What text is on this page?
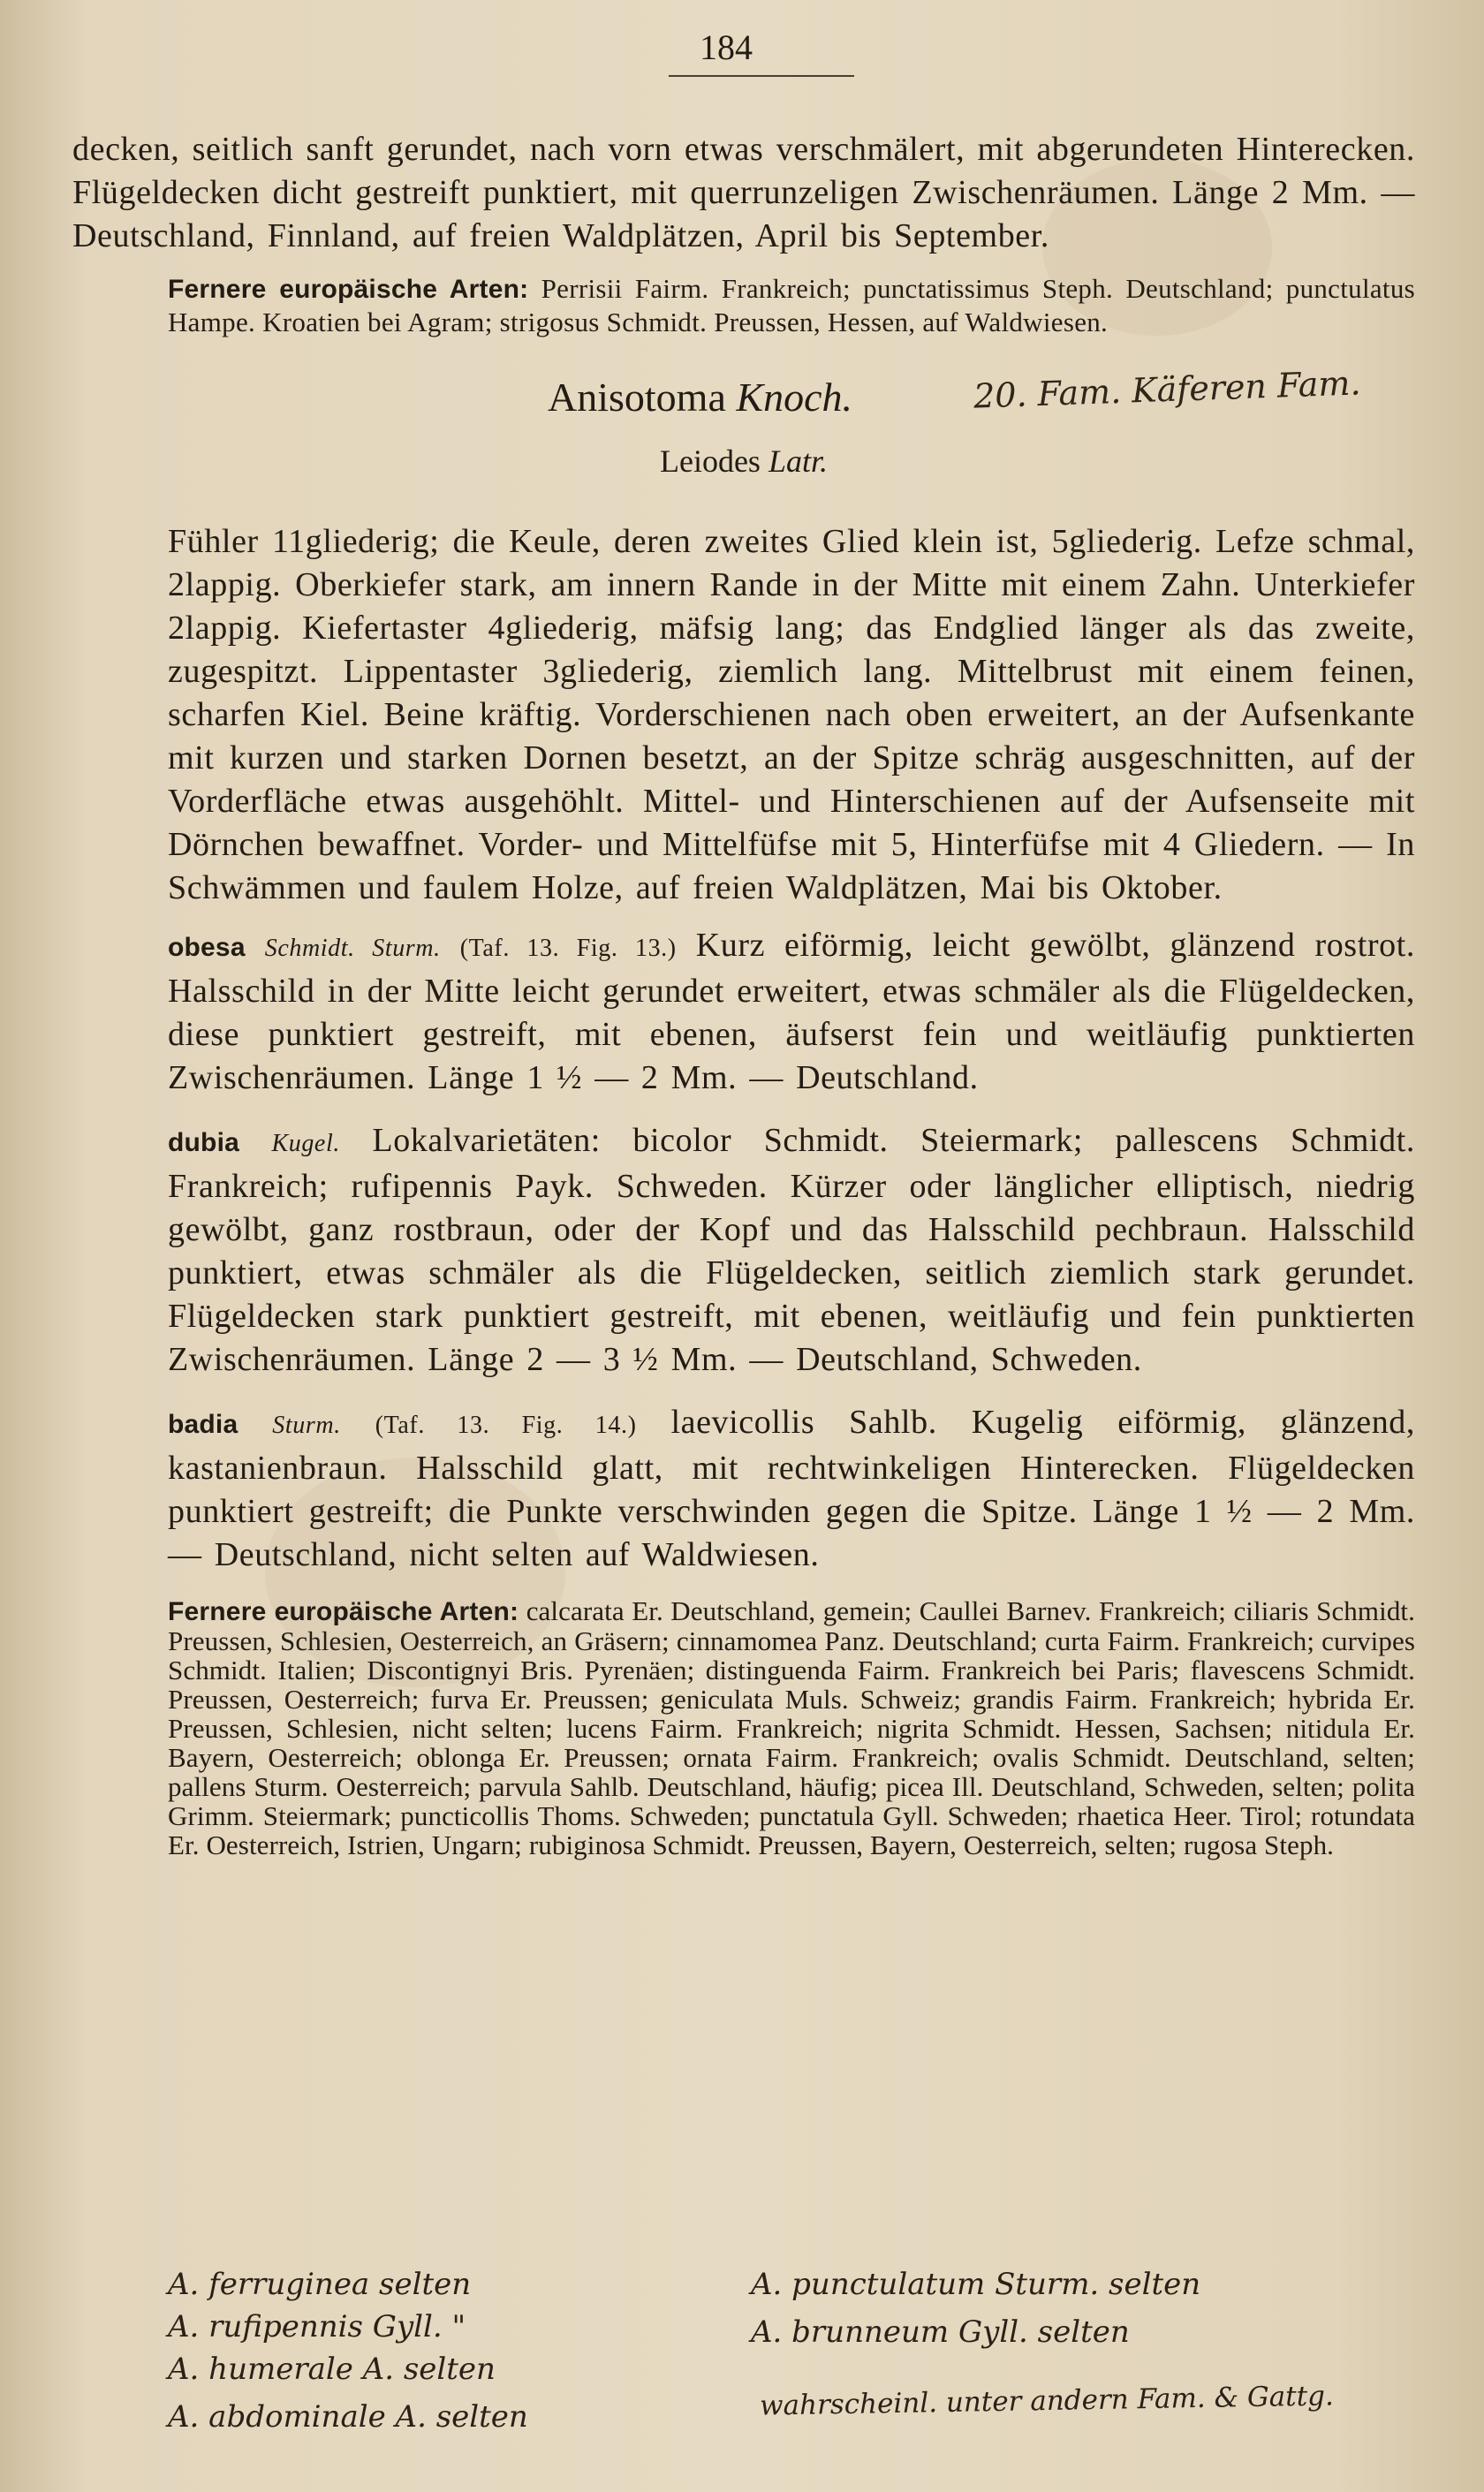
184

decken, seitlich sanft gerundet, nach vorn etwas verschmälert, mit abgerundeten Hinterecken. Flügeldecken dicht gestreift punktiert, mit querrunzeligen Zwischenräumen. Länge 2 Mm. — Deutschland, Finnland, auf freien Waldplätzen, April bis September.

Fernere europäische Arten: Perrisii Fairm. Frankreich; punctatissimus Steph. Deutschland; punctulatus Hampe. Kroatien bei Agram; strigosus Schmidt. Preussen, Hessen, auf Waldwiesen.

Anisotoma Knoch.	20. Fam. Käferen Fam.
Leiodes Latr.

Fühler 11gliederig; die Keule, deren zweites Glied klein ist, 5gliederig. Lefze schmal, 2lappig. Oberkiefer stark, am innern Rande in der Mitte mit einem Zahn. Unterkiefer 2lappig. Kiefertaster 4gliederig, mäfsig lang; das Endglied länger als das zweite, zugespitzt. Lippentaster 3gliederig, ziemlich lang. Mittelbrust mit einem feinen, scharfen Kiel. Beine kräftig. Vorderschienen nach oben erweitert, an der Aufsenkante mit kurzen und starken Dornen besetzt, an der Spitze schräg ausgeschnitten, auf der Vorderfläche etwas ausgehöhlt. Mittel- und Hinterschienen auf der Aufsenseite mit Dörnchen bewaffnet. Vorder- und Mittelfüfse mit 5, Hinterfüfse mit 4 Gliedern. — In Schwämmen und faulem Holze, auf freien Waldplätzen, Mai bis Oktober.

obesa Schmidt. Sturm. (Taf. 13. Fig. 13.) Kurz eiförmig, leicht gewölbt, glänzend rostrot. Halsschild in der Mitte leicht gerundet erweitert, etwas schmäler als die Flügeldecken, diese punktiert gestreift, mit ebenen, äufserst fein und weitläufig punktierten Zwischenräumen. Länge 1 ½ — 2 Mm. — Deutschland.

dubia Kugel. Lokalvarietäten: bicolor Schmidt. Steiermark; pallescens Schmidt. Frankreich; rufipennis Payk. Schweden. Kürzer oder länglicher elliptisch, niedrig gewölbt, ganz rostbraun, oder der Kopf und das Halsschild pechbraun. Halsschild punktiert, etwas schmäler als die Flügeldecken, seitlich ziemlich stark gerundet. Flügeldecken stark punktiert gestreift, mit ebenen, weitläufig und fein punktierten Zwischenräumen. Länge 2 — 3 ½ Mm. — Deutschland, Schweden.

badia Sturm. (Taf. 13. Fig. 14.) laevicollis Sahlb. Kugelig eiförmig, glänzend, kastanienbraun. Halsschild glatt, mit rechtwinkeligen Hinterecken. Flügeldecken punktiert gestreift; die Punkte verschwinden gegen die Spitze. Länge 1 ½ — 2 Mm. — Deutschland, nicht selten auf Waldwiesen.

Fernere europäische Arten: calcarata Er. Deutschland, gemein; Caullei Barnev. Frankreich; ciliaris Schmidt. Preussen, Schlesien, Oesterreich, an Gräsern; cinnamomea Panz. Deutschland; curta Fairm. Frankreich; curvipes Schmidt. Italien; Discontignyi Bris. Pyrenäen; distinguenda Fairm. Frankreich bei Paris; flavescens Schmidt. Preussen, Oesterreich; furva Er. Preussen; geniculata Muls. Schweiz; grandis Fairm. Frankreich; hybrida Er. Preussen, Schlesien, nicht selten; lucens Fairm. Frankreich; nigrita Schmidt. Hessen, Sachsen; nitidula Er. Bayern, Oesterreich; oblonga Er. Preussen; ornata Fairm. Frankreich; ovalis Schmidt. Deutschland, selten; pallens Sturm. Oesterreich; parvula Sahlb. Deutschland, häufig; picea Ill. Deutschland, Schweden, selten; polita Grimm. Steiermark; puncticollis Thoms. Schweden; punctatula Gyll. Schweden; rhaetica Heer. Tirol; rotundata Er. Oesterreich, Istrien, Ungarn; rubiginosa Schmidt. Preussen, Bayern, Oesterreich, selten; rugosa Steph.

A. ferruginea selten
A. rufipennis Gyll. "
A. humerale A. selten
A. abdominale A. selten
A. punctulatum Sturm. selten
A. brunneum Gyll. selten
wahrscheinl. unter andern Fam. & Gattg.
